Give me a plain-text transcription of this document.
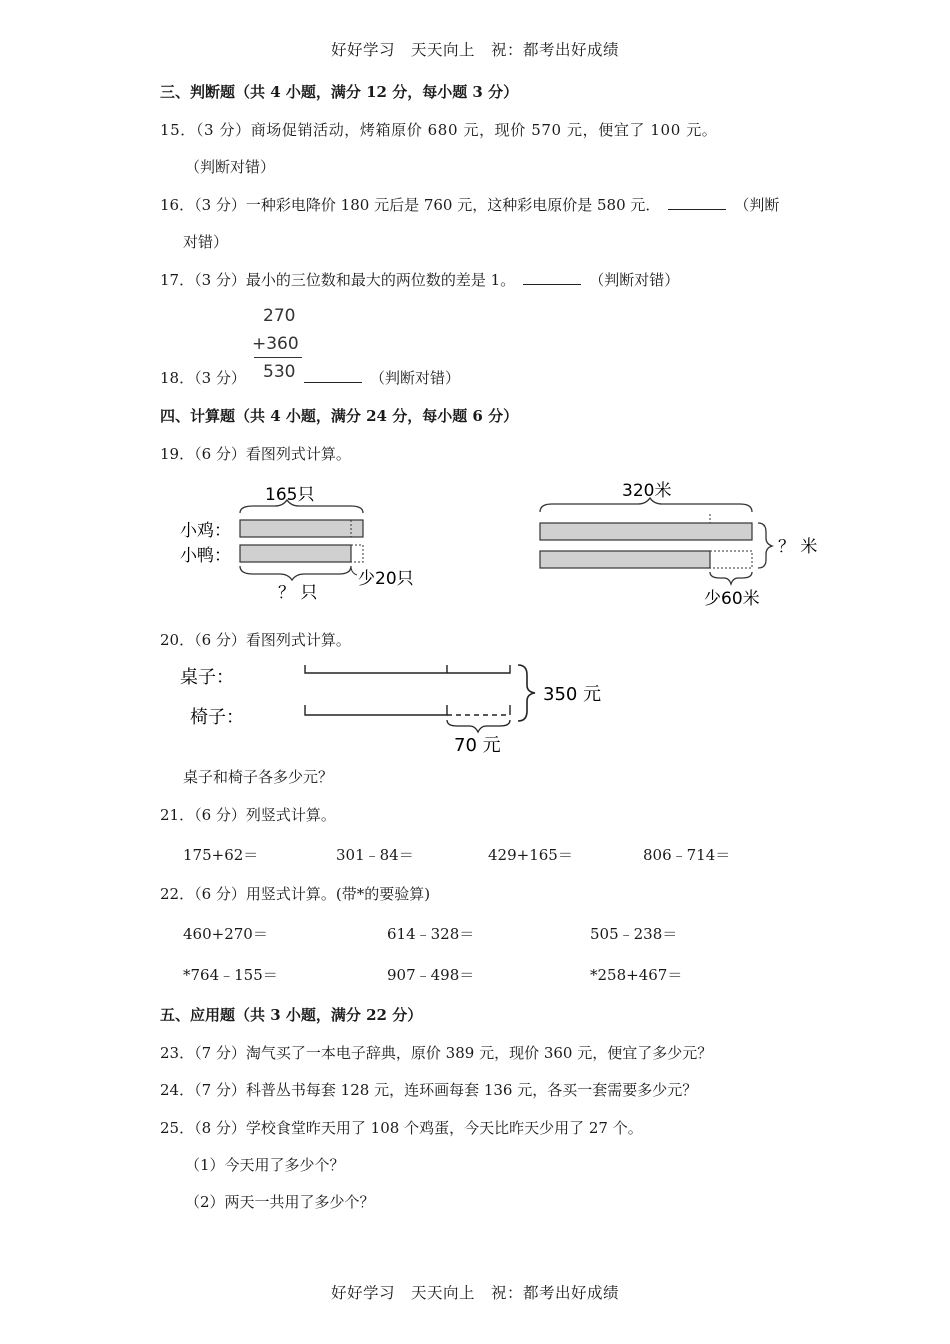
好好学习　天天向上　祝：都考出好成绩
三、判断题（共 4 小题，满分 12 分，每小题 3 分）
15．（3 分）商场促销活动，烤箱原价 680 元，现价 570 元，便宜了 100 元。
（判断对错）
16．（3 分）一种彩电降价 180 元后是 760 元，这种彩电原价是 580 元．	（判断
对错）
17．（3 分）最小的三位数和最大的两位数的差是 1。	（判断对错）
270
+360
530
18．（3 分）	（判断对错）
四、计算题（共 4 小题，满分 24 分，每小题 6 分）
19．（6 分）看图列式计算。
165只
小鸡：
小鸭：
？ 只
少20只
320米
？ 米
少60米
20．（6 分）看图列式计算。
桌子：
椅子：
350 元
70 元
桌子和椅子各多少元？
21．（6 分）列竖式计算。
175+62＝	301﹣84＝	429+165＝	806﹣714＝
22．（6 分）用竖式计算。(带*的要验算)
460+270＝	614﹣328＝	505﹣238＝
*764﹣155＝	907﹣498＝	*258+467＝
五、应用题（共 3 小题，满分 22 分）
23．（7 分）淘气买了一本电子辞典，原价 389 元，现价 360 元，便宜了多少元？
24．（7 分）科普丛书每套 128 元，连环画每套 136 元，各买一套需要多少元？
25．（8 分）学校食堂昨天用了 108 个鸡蛋，今天比昨天少用了 27 个。
（1）今天用了多少个？
（2）两天一共用了多少个？
好好学习　天天向上　祝：都考出好成绩
